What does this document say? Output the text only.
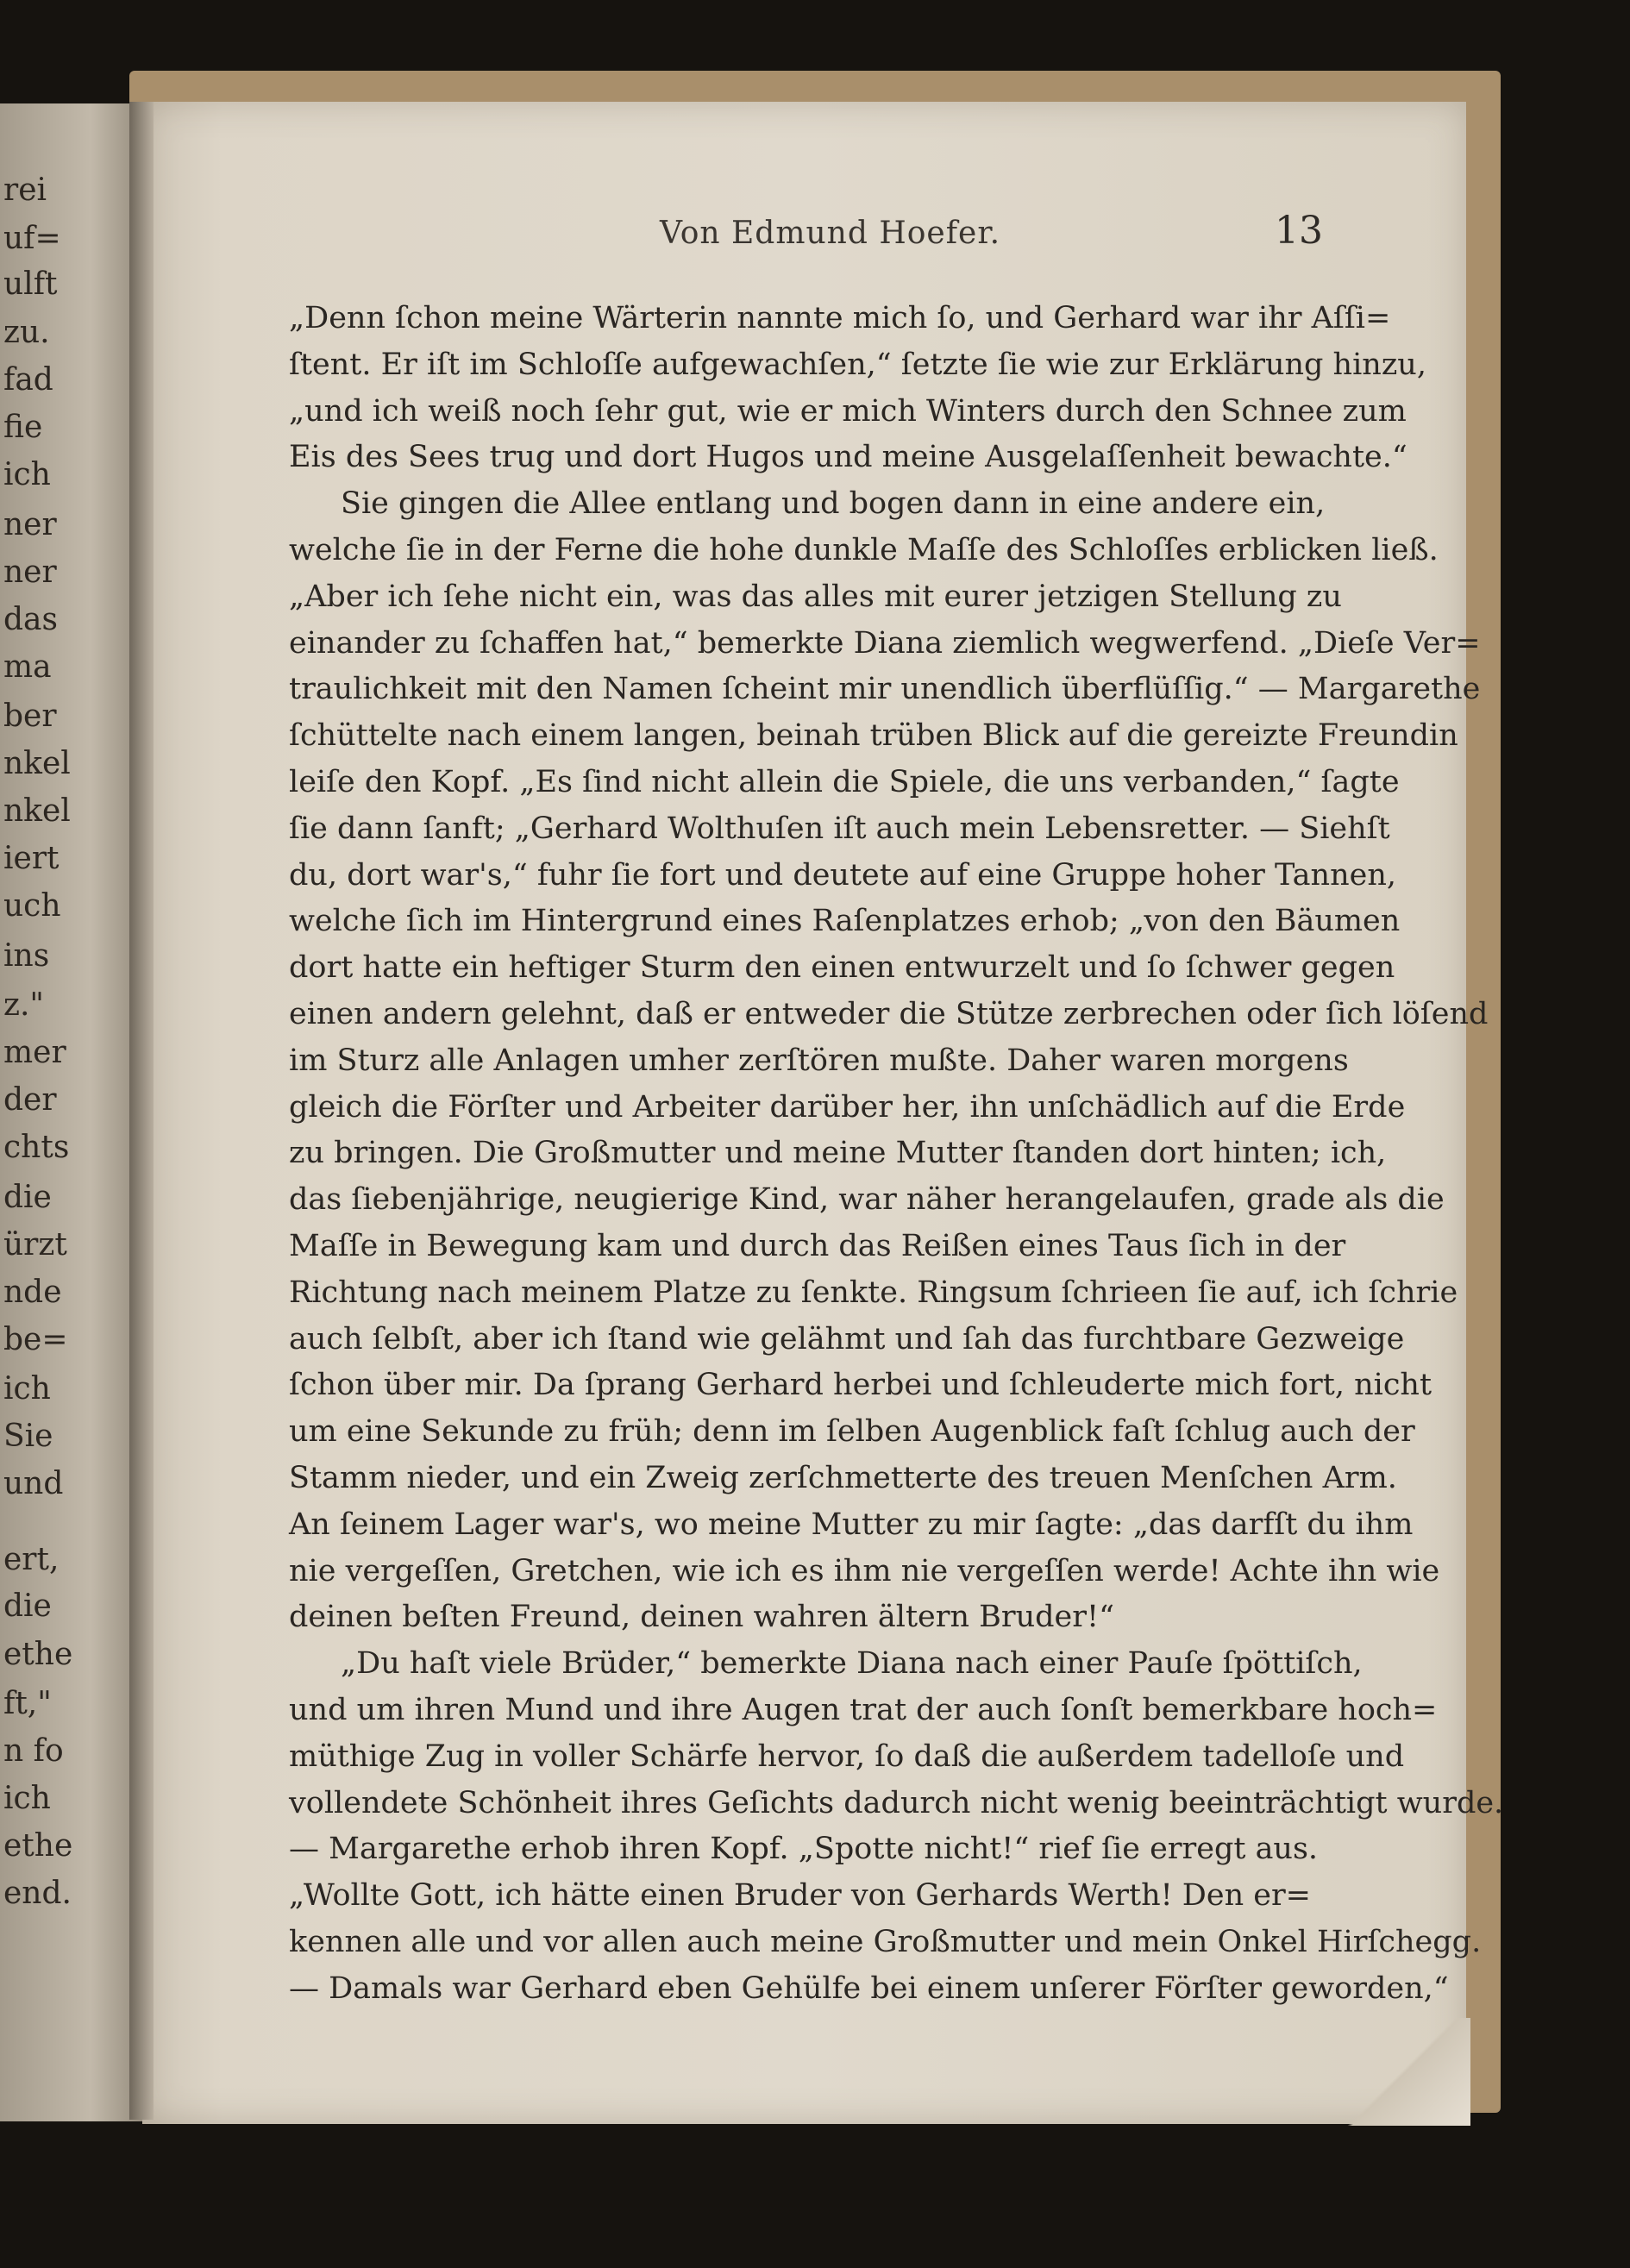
rei
uf=
ulft
zu.
fad
fie
ich
ner
ner
das
ma
ber
nkel
nkel
iert
uch
ins
z."
mer
der
chts
die
ürzt
nde
be=
ich
Sie
und
ert,
die
ethe
ft,"
n fo
ich
ethe
end.
Von Edmund Hoefer.	13
„Denn ſchon meine Wärterin nannte mich ſo, und Gerhard war ihr Aſſi=
ſtent. Er iſt im Schloſſe aufgewachſen,“ ſetzte ſie wie zur Erklärung hinzu,
„und ich weiß noch ſehr gut, wie er mich Winters durch den Schnee zum
Eis des Sees trug und dort Hugos und meine Ausgelaſſenheit bewachte.“
Sie gingen die Allee entlang und bogen dann in eine andere ein,
welche ſie in der Ferne die hohe dunkle Maſſe des Schloſſes erblicken ließ.
„Aber ich ſehe nicht ein, was das alles mit eurer jetzigen Stellung zu
einander zu ſchaffen hat,“ bemerkte Diana ziemlich wegwerfend. „Dieſe Ver=
traulichkeit mit den Namen ſcheint mir unendlich überflüſſig.“ — Margarethe
ſchüttelte nach einem langen, beinah trüben Blick auf die gereizte Freundin
leiſe den Kopf. „Es ſind nicht allein die Spiele, die uns verbanden,“ ſagte
ſie dann ſanft; „Gerhard Wolthuſen iſt auch mein Lebensretter. — Siehſt
du, dort war's,“ fuhr ſie fort und deutete auf eine Gruppe hoher Tannen,
welche ſich im Hintergrund eines Raſenplatzes erhob; „von den Bäumen
dort hatte ein heftiger Sturm den einen entwurzelt und ſo ſchwer gegen
einen andern gelehnt, daß er entweder die Stütze zerbrechen oder ſich löſend
im Sturz alle Anlagen umher zerſtören mußte. Daher waren morgens
gleich die Förſter und Arbeiter darüber her, ihn unſchädlich auf die Erde
zu bringen. Die Großmutter und meine Mutter ſtanden dort hinten; ich,
das ſiebenjährige, neugierige Kind, war näher herangelaufen, grade als die
Maſſe in Bewegung kam und durch das Reißen eines Taus ſich in der
Richtung nach meinem Platze zu ſenkte. Ringsum ſchrieen ſie auf, ich ſchrie
auch ſelbſt, aber ich ſtand wie gelähmt und ſah das furchtbare Gezweige
ſchon über mir. Da ſprang Gerhard herbei und ſchleuderte mich fort, nicht
um eine Sekunde zu früh; denn im ſelben Augenblick faſt ſchlug auch der
Stamm nieder, und ein Zweig zerſchmetterte des treuen Menſchen Arm.
An ſeinem Lager war's, wo meine Mutter zu mir ſagte: „das darfſt du ihm
nie vergeſſen, Gretchen, wie ich es ihm nie vergeſſen werde! Achte ihn wie
deinen beſten Freund, deinen wahren ältern Bruder!“
„Du haſt viele Brüder,“ bemerkte Diana nach einer Pauſe ſpöttiſch,
und um ihren Mund und ihre Augen trat der auch ſonſt bemerkbare hoch=
müthige Zug in voller Schärfe hervor, ſo daß die außerdem tadelloſe und
vollendete Schönheit ihres Geſichts dadurch nicht wenig beeinträchtigt wurde.
— Margarethe erhob ihren Kopf. „Spotte nicht!“ rief ſie erregt aus.
„Wollte Gott, ich hätte einen Bruder von Gerhards Werth! Den er=
kennen alle und vor allen auch meine Großmutter und mein Onkel Hirſchegg.
— Damals war Gerhard eben Gehülfe bei einem unſerer Förſter geworden,“
